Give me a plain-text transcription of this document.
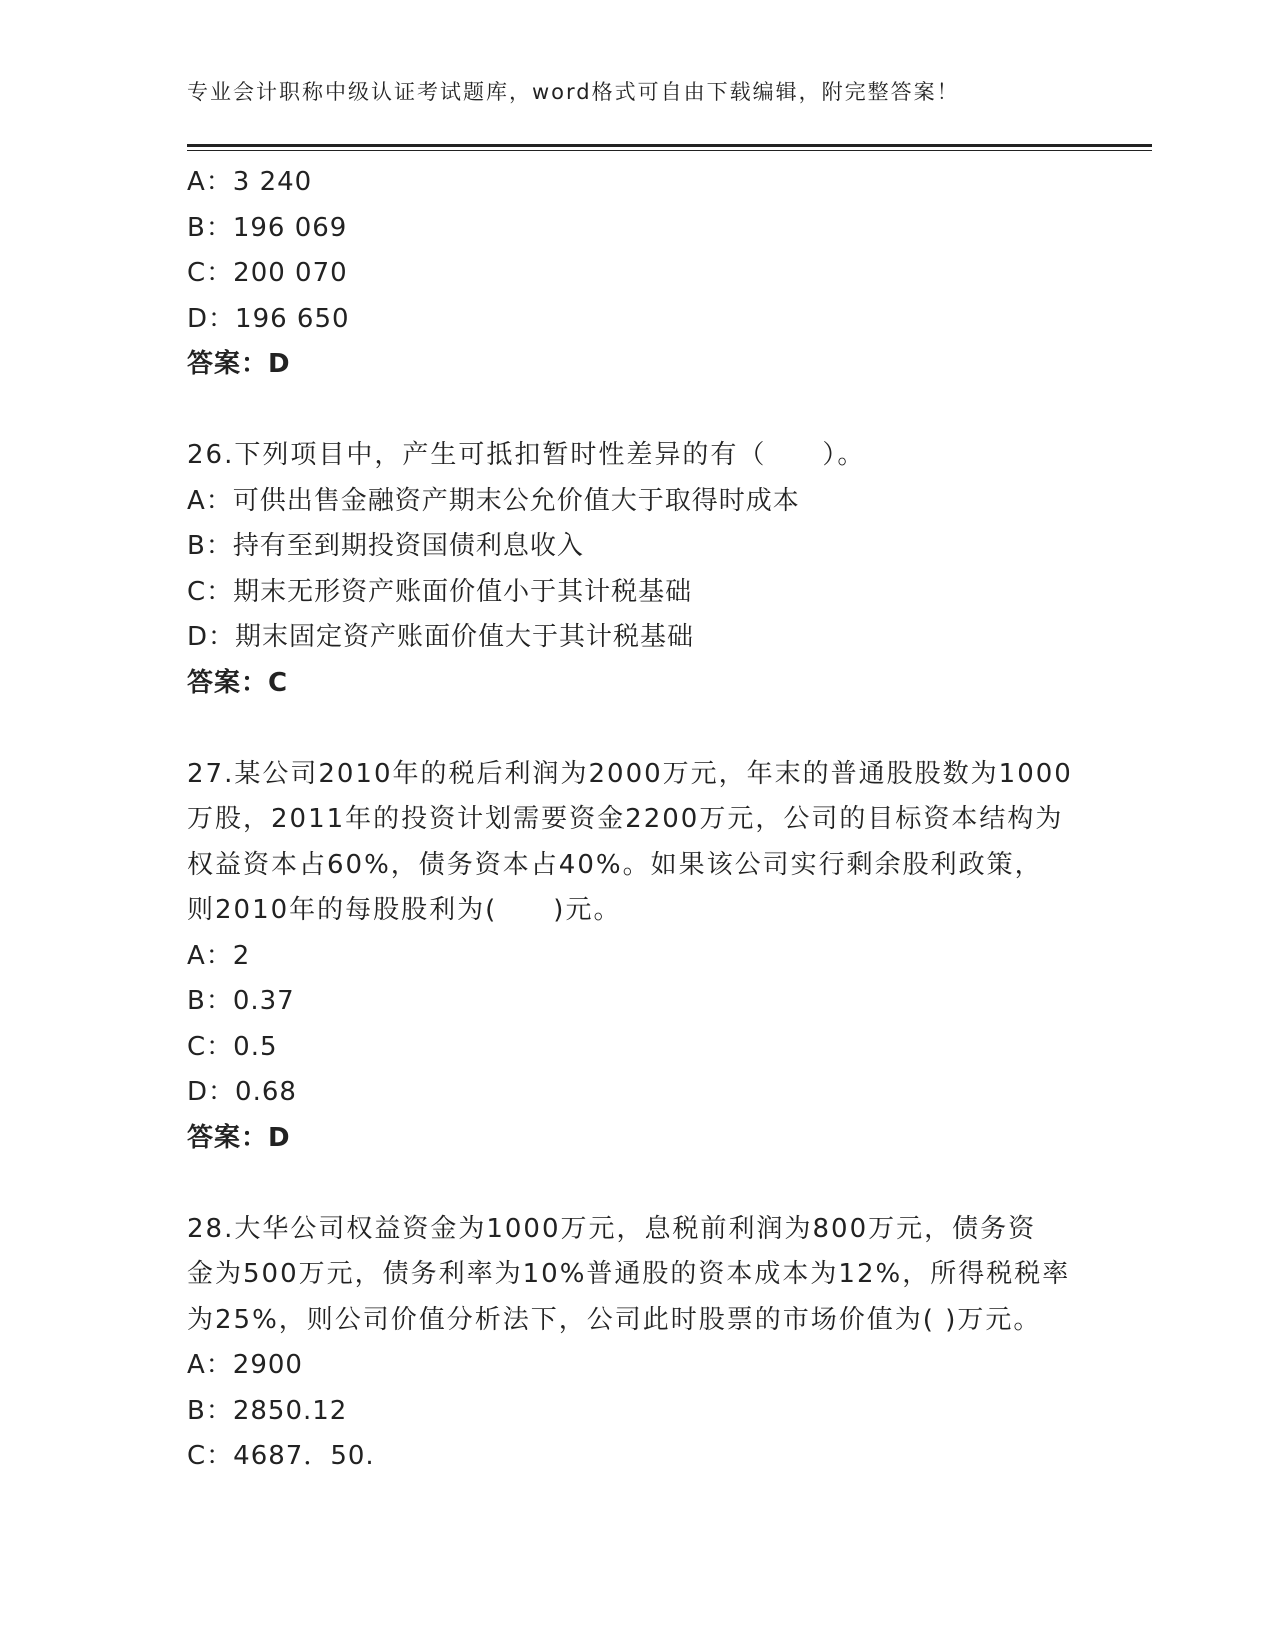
专业会计职称中级认证考试题库，word格式可自由下载编辑，附完整答案！
A：3 240
B：196 069
C：200 070
D：196 650
答案：D
26.下列项目中，产生可抵扣暂时性差异的有（　　）。
A：可供出售金融资产期末公允价值大于取得时成本
B：持有至到期投资国债利息收入
C：期末无形资产账面价值小于其计税基础
D：期末固定资产账面价值大于其计税基础
答案：C
27.某公司2010年的税后利润为2000万元，年末的普通股股数为1000
万股，2011年的投资计划需要资金2200万元，公司的目标资本结构为
权益资本占60%，债务资本占40%。如果该公司实行剩余股利政策，
则2010年的每股股利为(　　)元。
A：2
B：0.37
C：0.5
D：0.68
答案：D
28.大华公司权益资金为1000万元，息税前利润为800万元，债务资
金为500万元，债务利率为10%普通股的资本成本为12%，所得税税率
为25%，则公司价值分析法下，公司此时股票的市场价值为( )万元。
A：2900
B：2850.12
C：4687．50.
